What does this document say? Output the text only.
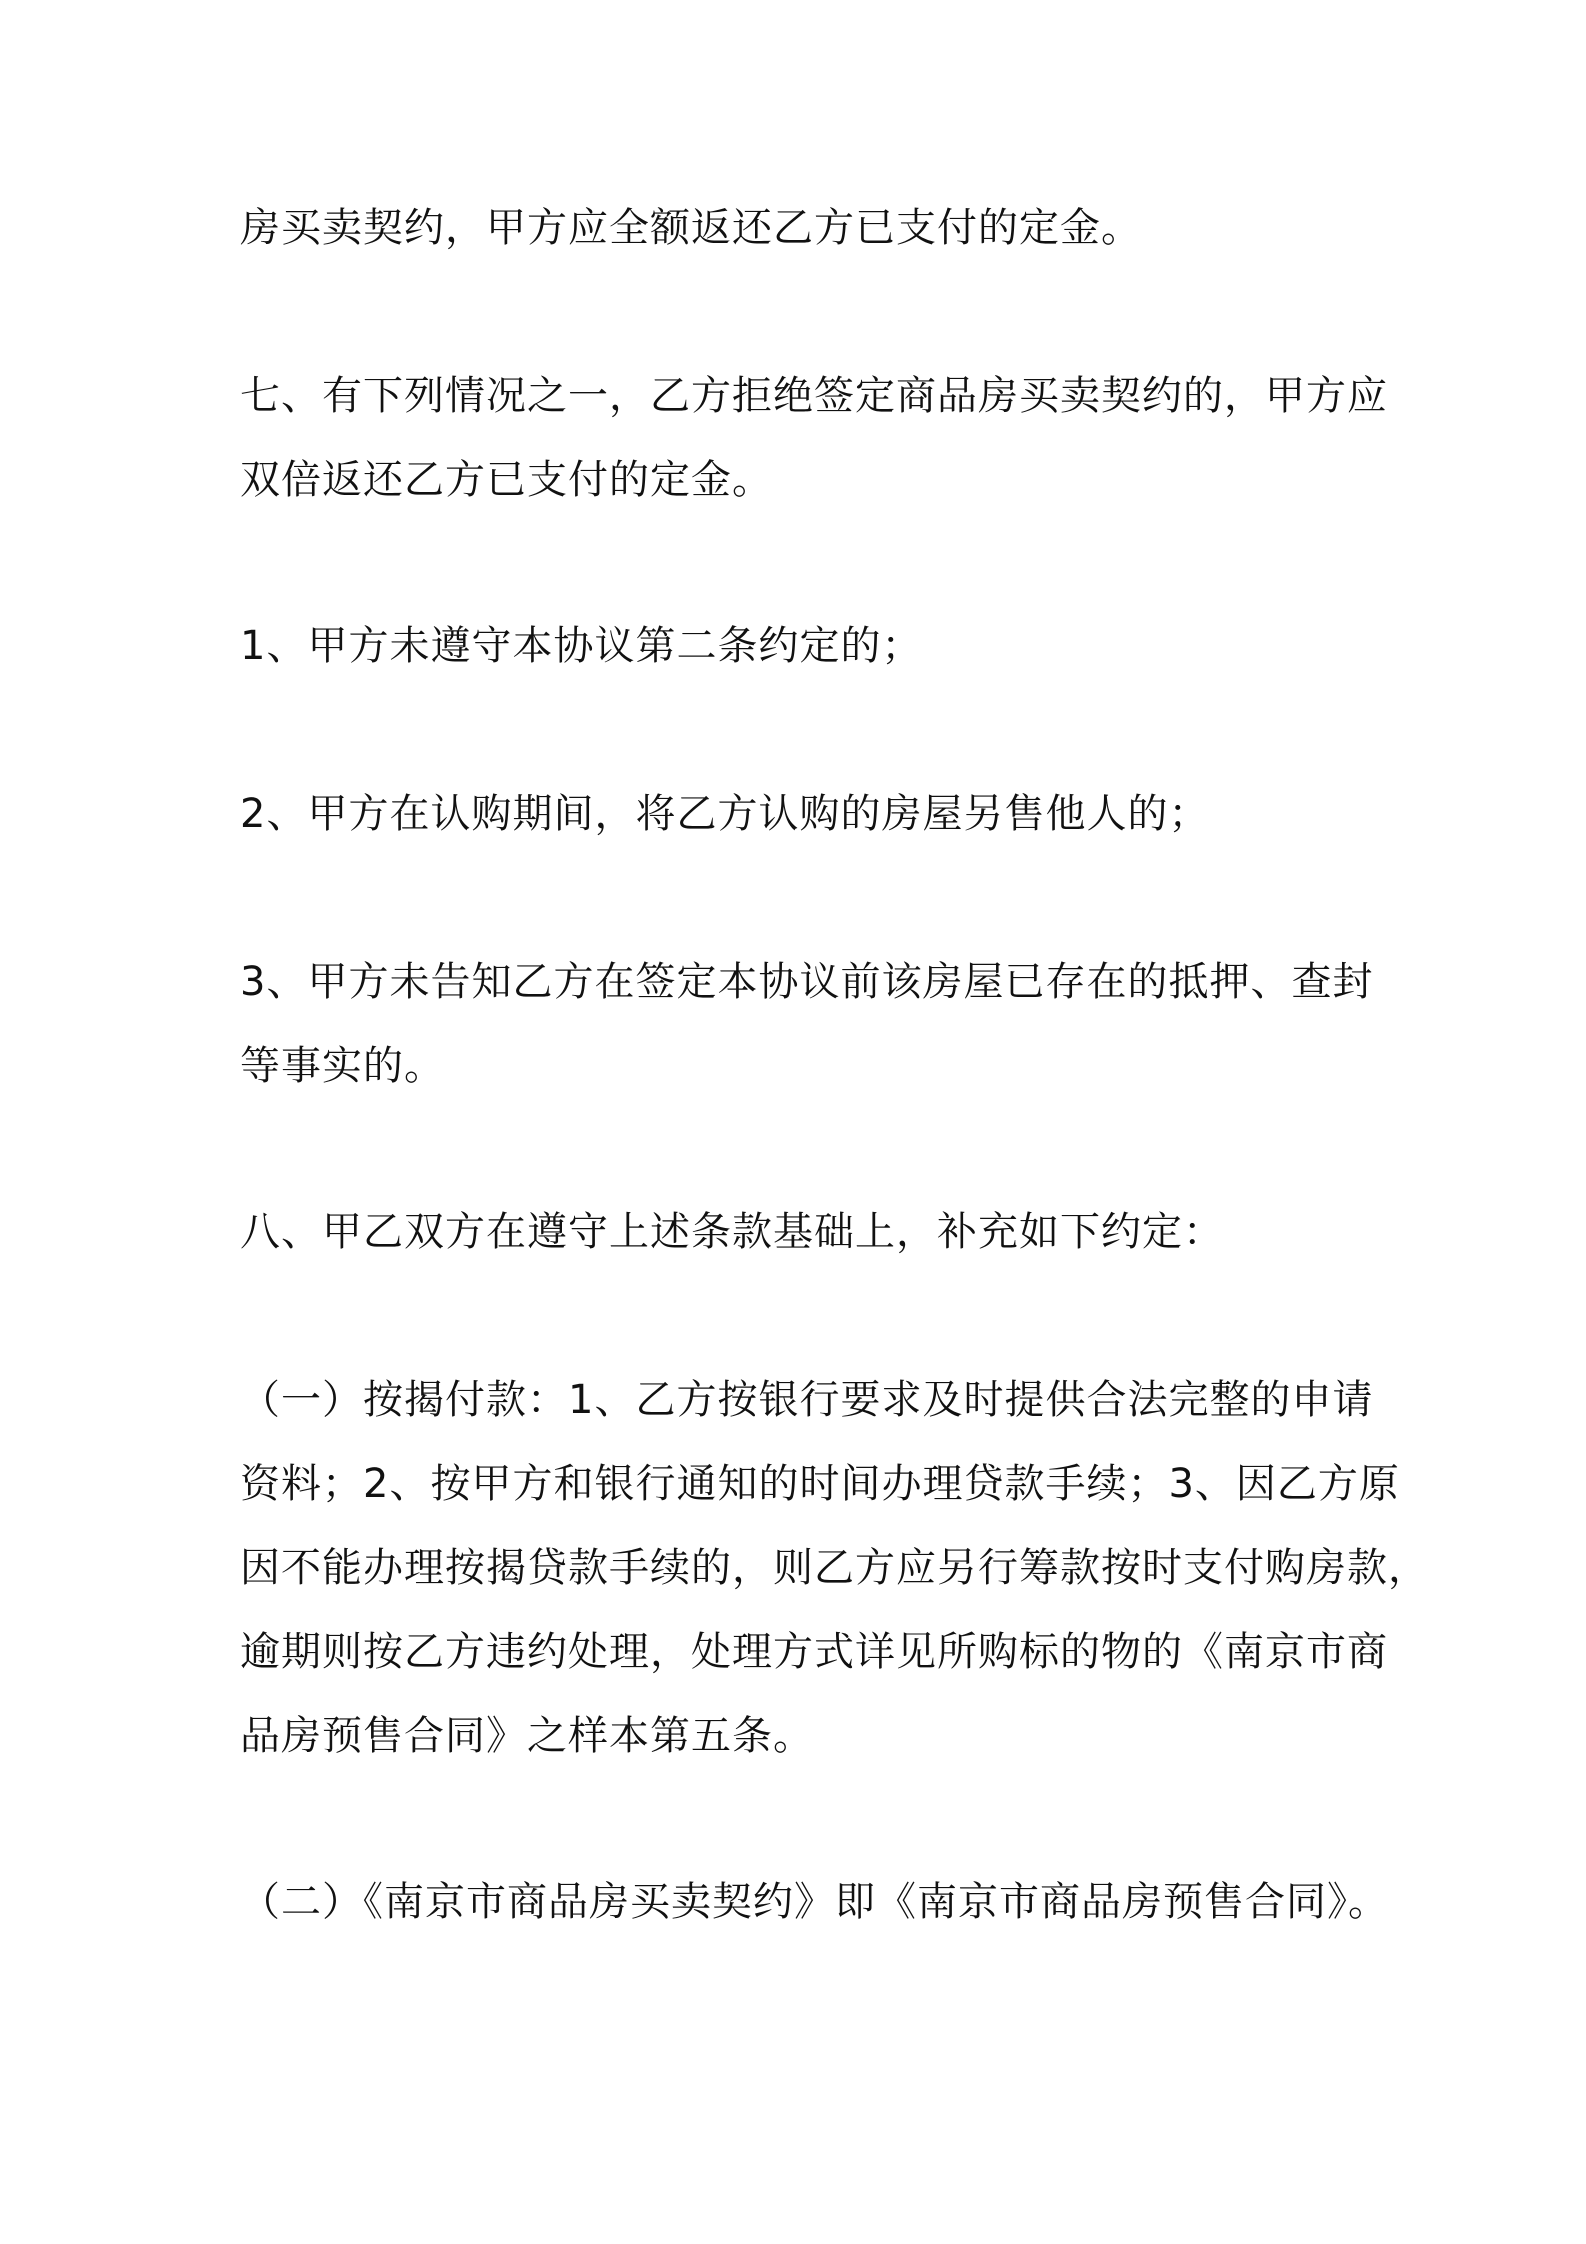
房买卖契约，甲方应全额返还乙方已支付的定金。
七、有下列情况之一，乙方拒绝签定商品房买卖契约的，甲方应
双倍返还乙方已支付的定金。
1、甲方未遵守本协议第二条约定的；
2、甲方在认购期间，将乙方认购的房屋另售他人的；
3、甲方未告知乙方在签定本协议前该房屋已存在的抵押、查封
等事实的。
八、甲乙双方在遵守上述条款基础上，补充如下约定：
（一）按揭付款：1、乙方按银行要求及时提供合法完整的申请
资料；2、按甲方和银行通知的时间办理贷款手续；3、因乙方原
因不能办理按揭贷款手续的，则乙方应另行筹款按时支付购房款，
逾期则按乙方违约处理，处理方式详见所购标的物的《南京市商
品房预售合同》之样本第五条。
（二）《南京市商品房买卖契约》即《南京市商品房预售合同》。
